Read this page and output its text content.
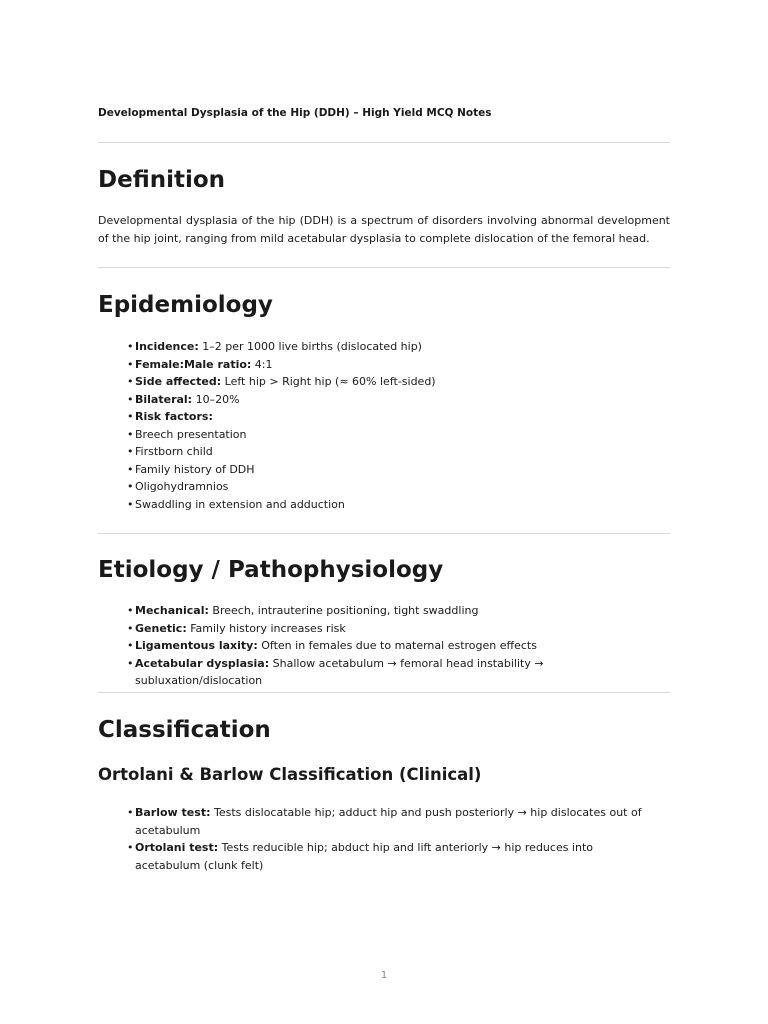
Developmental Dysplasia of the Hip (DDH) – High Yield MCQ Notes
Definition
Developmental dysplasia of the hip (DDH) is a spectrum of disorders involving abnormal development of the hip joint, ranging from mild acetabular dysplasia to complete dislocation of the femoral head.
Epidemiology
• Incidence: 1–2 per 1000 live births (dislocated hip)
• Female:Male ratio: 4:1
• Side affected: Left hip > Right hip (≈ 60% left-sided)
• Bilateral: 10–20%
• Risk factors:
• Breech presentation
• Firstborn child
• Family history of DDH
• Oligohydramnios
• Swaddling in extension and adduction
Etiology / Pathophysiology
• Mechanical: Breech, intrauterine positioning, tight swaddling
• Genetic: Family history increases risk
• Ligamentous laxity: Often in females due to maternal estrogen effects
• Acetabular dysplasia: Shallow acetabulum → femoral head instability → subluxation/dislocation
Classification
Ortolani & Barlow Classification (Clinical)
• Barlow test: Tests dislocatable hip; adduct hip and push posteriorly → hip dislocates out of acetabulum
• Ortolani test: Tests reducible hip; abduct hip and lift anteriorly → hip reduces into acetabulum (clunk felt)
1
